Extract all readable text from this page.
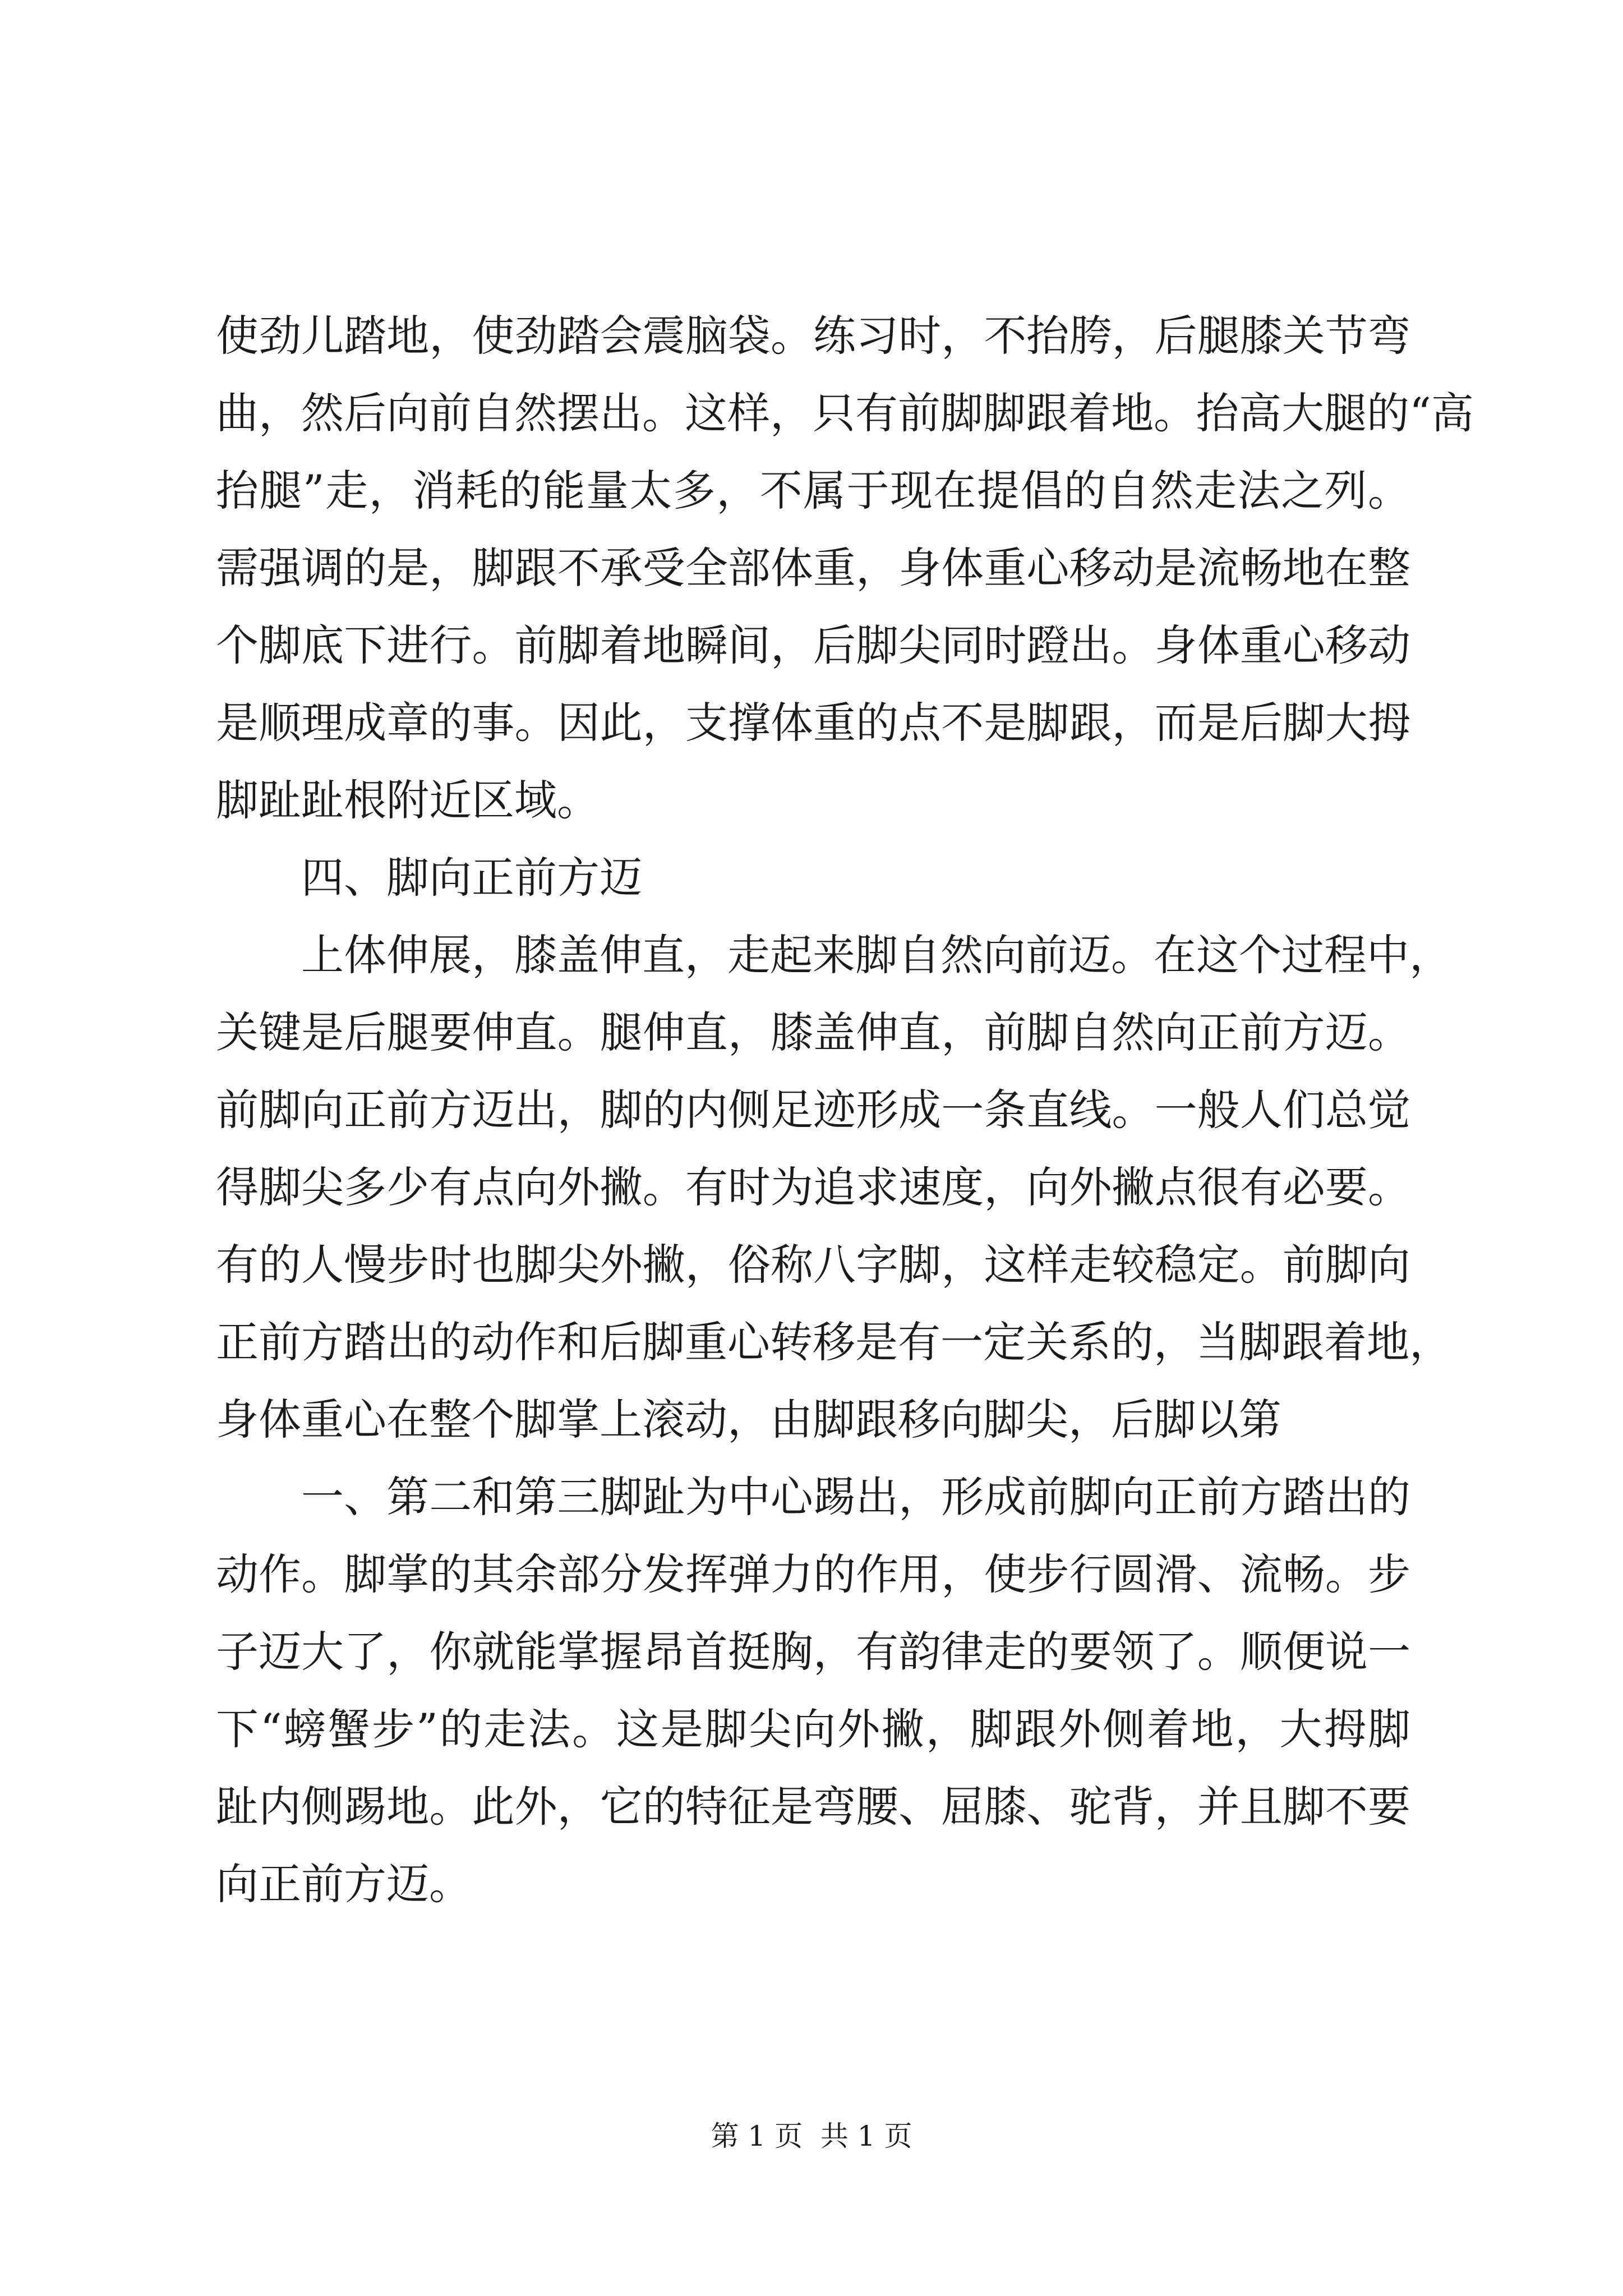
使劲儿踏地，使劲踏会震脑袋。练习时，不抬胯，后腿膝关节弯
曲，然后向前自然摆出。这样，只有前脚脚跟着地。抬高大腿的“高
抬腿”走，消耗的能量太多，不属于现在提倡的自然走法之列。
需强调的是，脚跟不承受全部体重，身体重心移动是流畅地在整
个脚底下进行。前脚着地瞬间，后脚尖同时蹬出。身体重心移动
是顺理成章的事。因此，支撑体重的点不是脚跟，而是后脚大拇
脚趾趾根附近区域。
四、脚向正前方迈
上体伸展，膝盖伸直，走起来脚自然向前迈。在这个过程中，
关键是后腿要伸直。腿伸直，膝盖伸直，前脚自然向正前方迈。
前脚向正前方迈出，脚的内侧足迹形成一条直线。一般人们总觉
得脚尖多少有点向外撇。有时为追求速度，向外撇点很有必要。
有的人慢步时也脚尖外撇，俗称八字脚，这样走较稳定。前脚向
正前方踏出的动作和后脚重心转移是有一定关系的，当脚跟着地，
身体重心在整个脚掌上滚动，由脚跟移向脚尖，后脚以第
一、第二和第三脚趾为中心踢出，形成前脚向正前方踏出的
动作。脚掌的其余部分发挥弹力的作用，使步行圆滑、流畅。步
子迈大了，你就能掌握昂首挺胸，有韵律走的要领了。顺便说一
下“螃蟹步”的走法。这是脚尖向外撇，脚跟外侧着地，大拇脚
趾内侧踢地。此外，它的特征是弯腰、屈膝、驼背，并且脚不要
向正前方迈。
第 1 页  共 1 页
